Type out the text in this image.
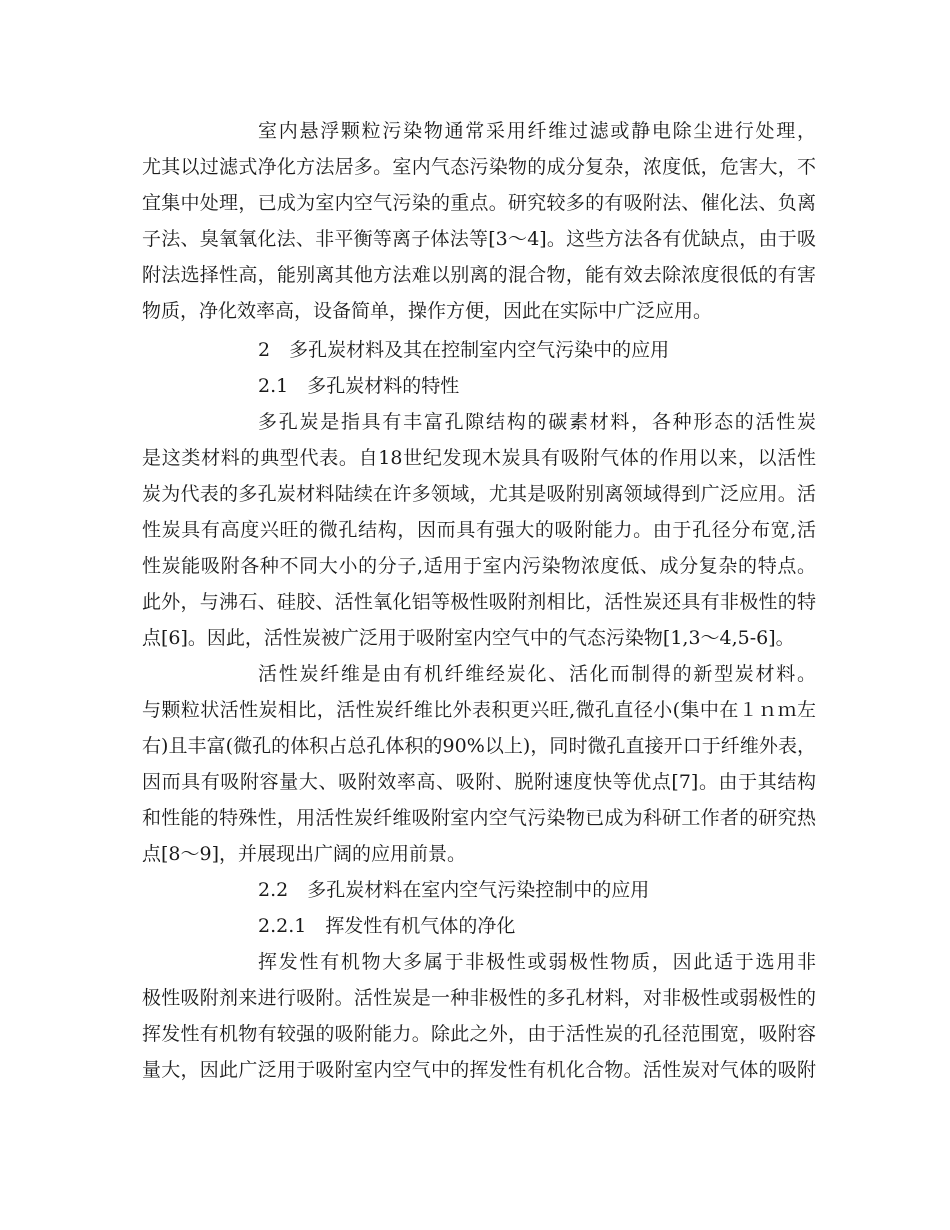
室内悬浮颗粒污染物通常采用纤维过滤或静电除尘进行处理，
尤其以过滤式净化方法居多。室内气态污染物的成分复杂，浓度低，危害大，不
宜集中处理，已成为室内空气污染的重点。研究较多的有吸附法、催化法、负离
子法、臭氧氧化法、非平衡等离子体法等[3～4]。这些方法各有优缺点，由于吸
附法选择性高，能别离其他方法难以别离的混合物，能有效去除浓度很低的有害
物质，净化效率高，设备简单，操作方便，因此在实际中广泛应用。
2　多孔炭材料及其在控制室内空气污染中的应用
2.1　多孔炭材料的特性
多孔炭是指具有丰富孔隙结构的碳素材料，各种形态的活性炭
是这类材料的典型代表。自18世纪发现木炭具有吸附气体的作用以来，以活性
炭为代表的多孔炭材料陆续在许多领域，尤其是吸附别离领域得到广泛应用。活
性炭具有高度兴旺的微孔结构，因而具有强大的吸附能力。由于孔径分布宽,活
性炭能吸附各种不同大小的分子,适用于室内污染物浓度低、成分复杂的特点。
此外，与沸石、硅胶、活性氧化铝等极性吸附剂相比，活性炭还具有非极性的特
点[6]。因此，活性炭被广泛用于吸附室内空气中的气态污染物[1,3～4,5-6]。
活性炭纤维是由有机纤维经炭化、活化而制得的新型炭材料。
与颗粒状活性炭相比，活性炭纤维比外表积更兴旺,微孔直径小(集中在１ｎｍ左
右)且丰富(微孔的体积占总孔体积的90%以上)，同时微孔直接开口于纤维外表，
因而具有吸附容量大、吸附效率高、吸附、脱附速度快等优点[7]。由于其结构
和性能的特殊性，用活性炭纤维吸附室内空气污染物已成为科研工作者的研究热
点[8～9]，并展现出广阔的应用前景。
2.2　多孔炭材料在室内空气污染控制中的应用
2.2.1　挥发性有机气体的净化
挥发性有机物大多属于非极性或弱极性物质，因此适于选用非
极性吸附剂来进行吸附。活性炭是一种非极性的多孔材料，对非极性或弱极性的
挥发性有机物有较强的吸附能力。除此之外，由于活性炭的孔径范围宽，吸附容
量大，因此广泛用于吸附室内空气中的挥发性有机化合物。活性炭对气体的吸附
